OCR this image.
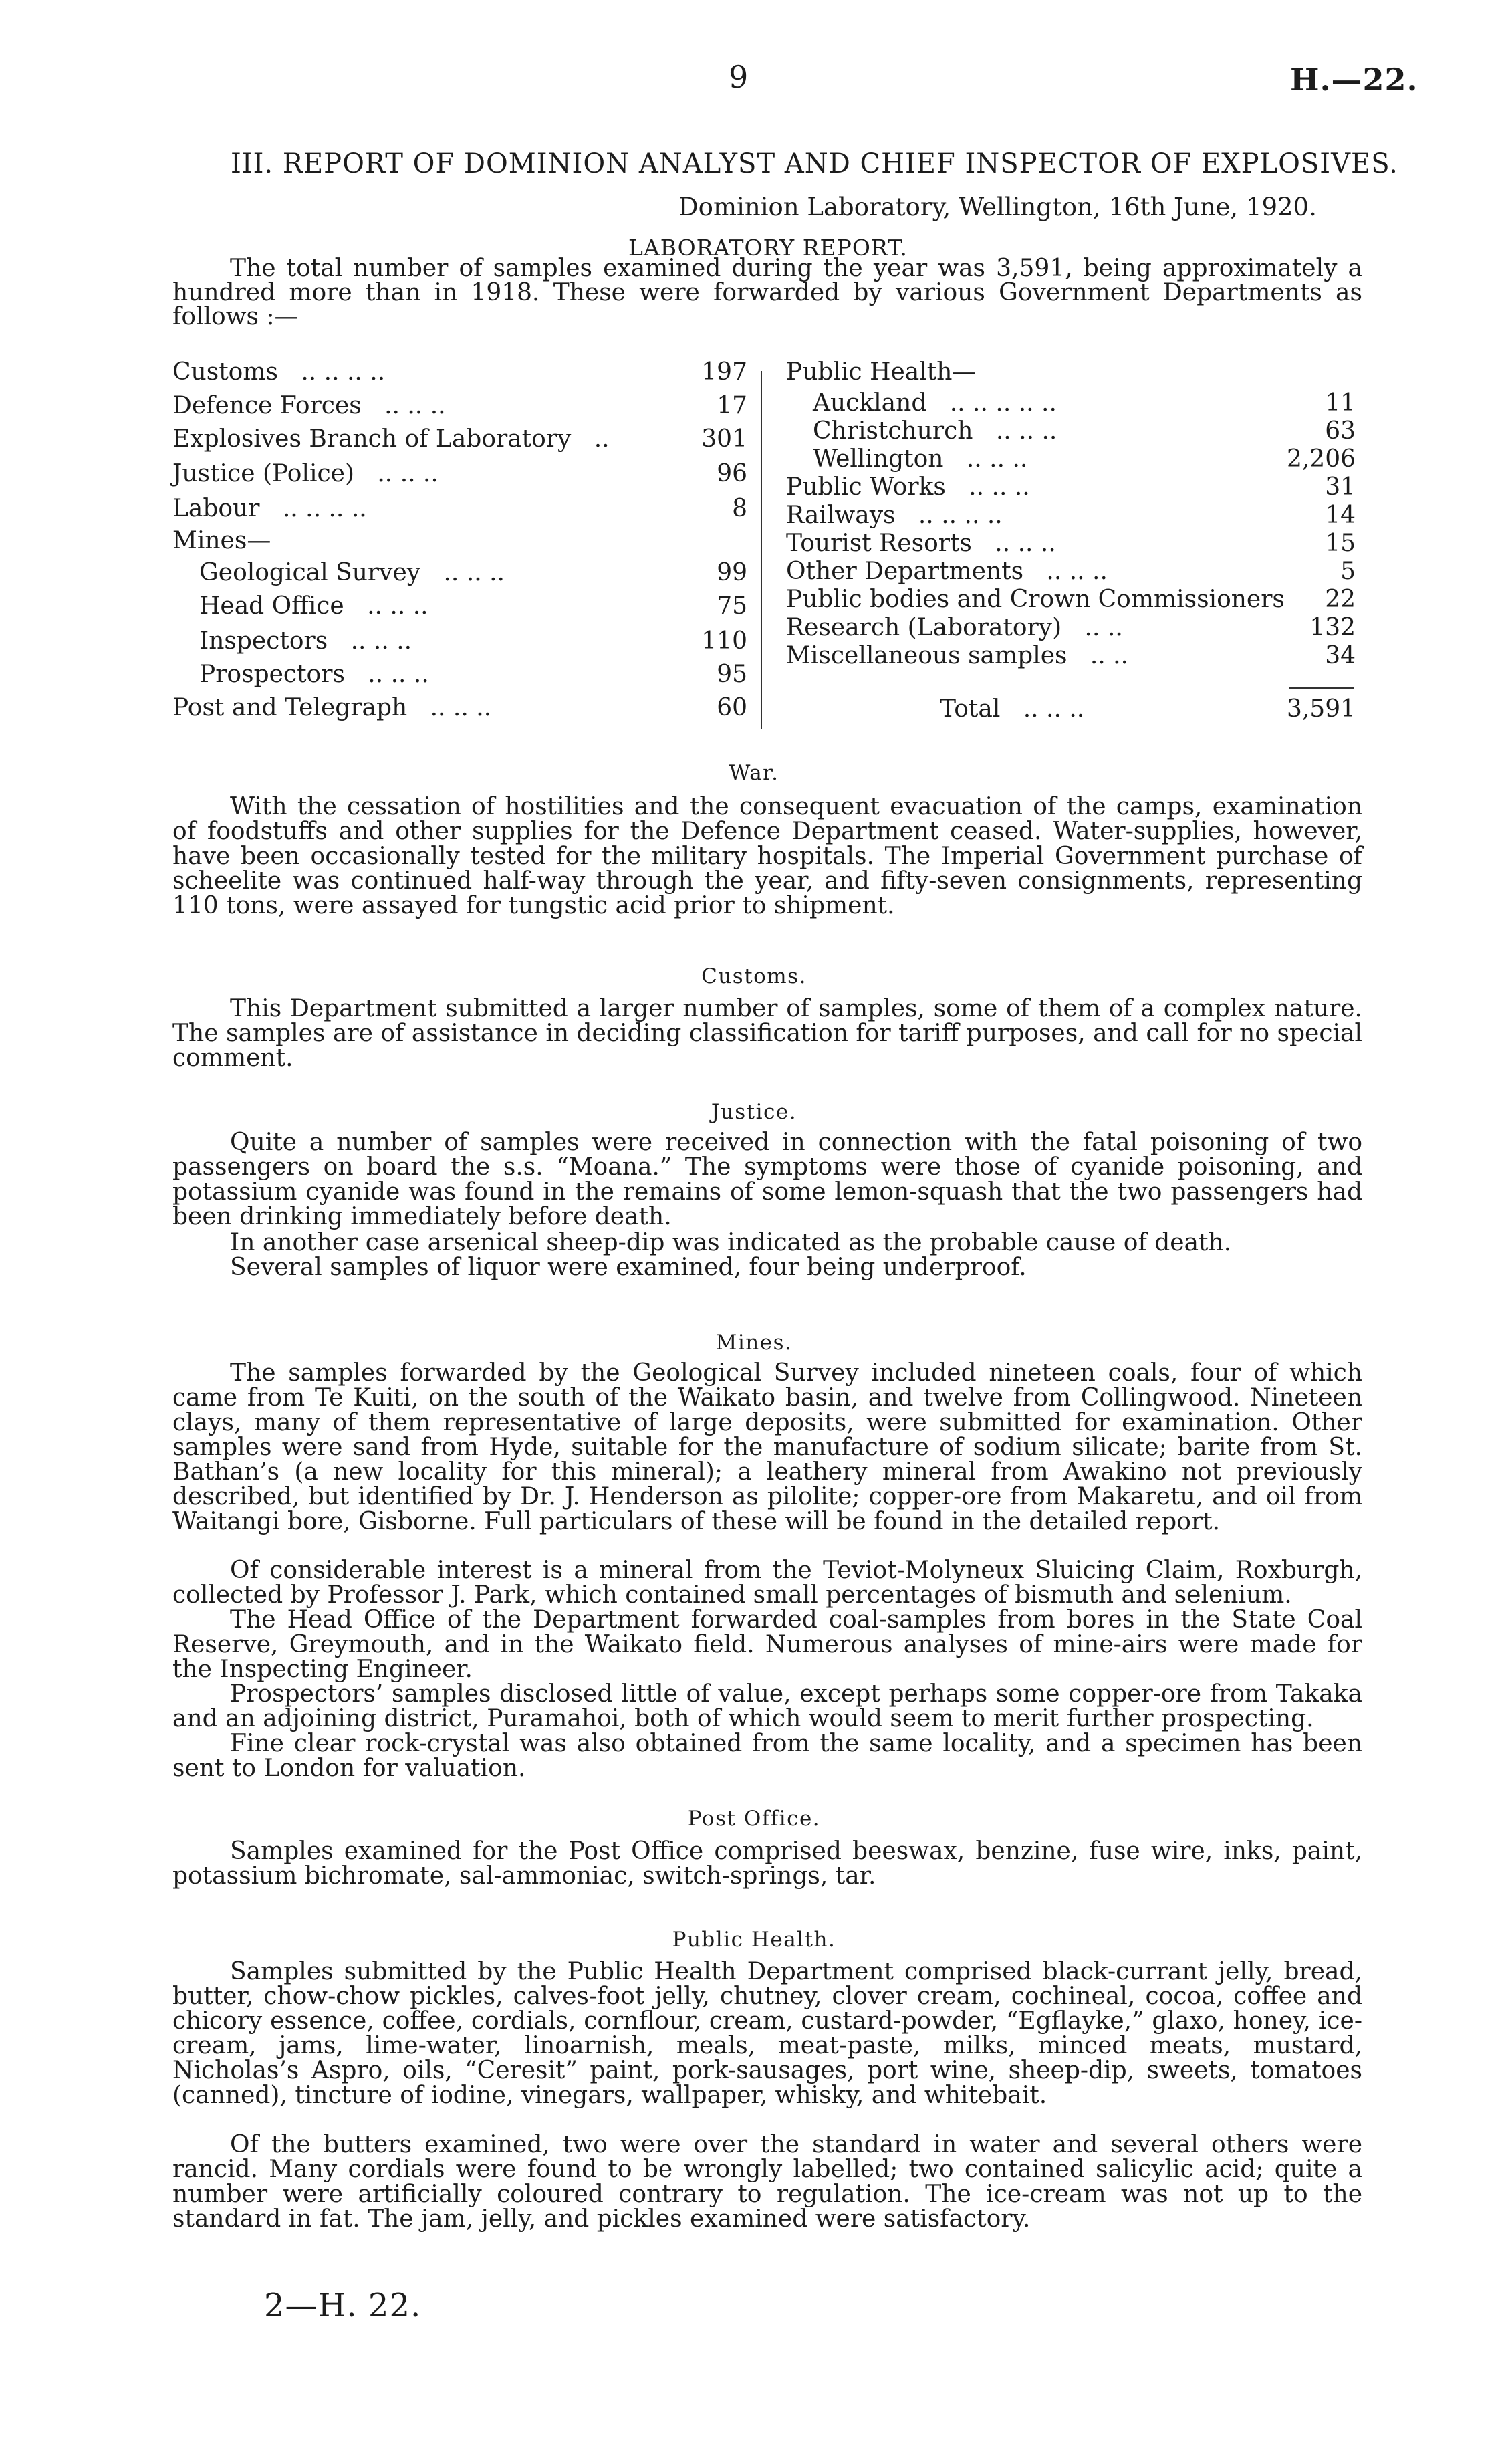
9	H.—22.
III. REPORT OF DOMINION ANALYST AND CHIEF INSPECTOR OF EXPLOSIVES.
Dominion Laboratory, Wellington, 16th June, 1920.
LABORATORY REPORT.
The total number of samples examined during the year was 3,591, being approximately a hundred more than in 1918. These were forwarded by various Government Departments as follows :—
Customs .. .. .. ..	197
Defence Forces .. .. ..	17
Explosives Branch of Laboratory ..	301
Justice (Police) .. .. ..	96
Labour .. .. .. ..	8
Mines—
Geological Survey .. .. ..	99
Head Office .. .. ..	75
Inspectors .. .. ..	110
Prospectors .. .. ..	95
Post and Telegraph .. .. ..	60
Public Health—
Auckland .. .. .. .. ..	11
Christchurch .. .. ..	63
Wellington .. .. ..	2,206
Public Works .. .. ..	31
Railways .. .. .. ..	14
Tourist Resorts .. .. ..	15
Other Departments .. .. ..	5
Public bodies and Crown Commissioners	22
Research (Laboratory) .. ..	132
Miscellaneous samples .. ..	34
Total .. .. ..	3,591
War.
With the cessation of hostilities and the consequent evacuation of the camps, examination of foodstuffs and other supplies for the Defence Department ceased. Water-supplies, however, have been occasionally tested for the military hospitals. The Imperial Government purchase of scheelite was continued half-way through the year, and fifty-seven consignments, representing 110 tons, were assayed for tungstic acid prior to shipment.
Customs.
This Department submitted a larger number of samples, some of them of a complex nature. The samples are of assistance in deciding classification for tariff purposes, and call for no special comment.
Justice.
Quite a number of samples were received in connection with the fatal poisoning of two passengers on board the s.s. “Moana.” The symptoms were those of cyanide poisoning, and potassium cyanide was found in the remains of some lemon-squash that the two passengers had been drinking immediately before death.
In another case arsenical sheep-dip was indicated as the probable cause of death.
Several samples of liquor were examined, four being underproof.
Mines.
The samples forwarded by the Geological Survey included nineteen coals, four of which came from Te Kuiti, on the south of the Waikato basin, and twelve from Collingwood. Nineteen clays, many of them representative of large deposits, were submitted for examination. Other samples were sand from Hyde, suitable for the manufacture of sodium silicate; barite from St. Bathan’s (a new locality for this mineral); a leathery mineral from Awakino not previously described, but identified by Dr. J. Henderson as pilolite; copper-ore from Makaretu, and oil from Waitangi bore, Gisborne. Full particulars of these will be found in the detailed report.
Of considerable interest is a mineral from the Teviot-Molyneux Sluicing Claim, Roxburgh, collected by Professor J. Park, which contained small percentages of bismuth and selenium.
The Head Office of the Department forwarded coal-samples from bores in the State Coal Reserve, Greymouth, and in the Waikato field. Numerous analyses of mine-airs were made for the Inspecting Engineer.
Prospectors’ samples disclosed little of value, except perhaps some copper-ore from Takaka and an adjoining district, Puramahoi, both of which would seem to merit further prospecting.
Fine clear rock-crystal was also obtained from the same locality, and a specimen has been sent to London for valuation.
Post Office.
Samples examined for the Post Office comprised beeswax, benzine, fuse wire, inks, paint, potassium bichromate, sal-ammoniac, switch-springs, tar.
Public Health.
Samples submitted by the Public Health Department comprised black-currant jelly, bread, butter, chow-chow pickles, calves-foot jelly, chutney, clover cream, cochineal, cocoa, coffee and chicory essence, coffee, cordials, cornflour, cream, custard-powder, “Egflayke,” glaxo, honey, ice-cream, jams, lime-water, linoarnish, meals, meat-paste, milks, minced meats, mustard, Nicholas’s Aspro, oils, “Ceresit” paint, pork-sausages, port wine, sheep-dip, sweets, tomatoes (canned), tincture of iodine, vinegars, wallpaper, whisky, and whitebait.
Of the butters examined, two were over the standard in water and several others were rancid. Many cordials were found to be wrongly labelled; two contained salicylic acid; quite a number were artificially coloured contrary to regulation. The ice-cream was not up to the standard in fat. The jam, jelly, and pickles examined were satisfactory.
2—H. 22.
